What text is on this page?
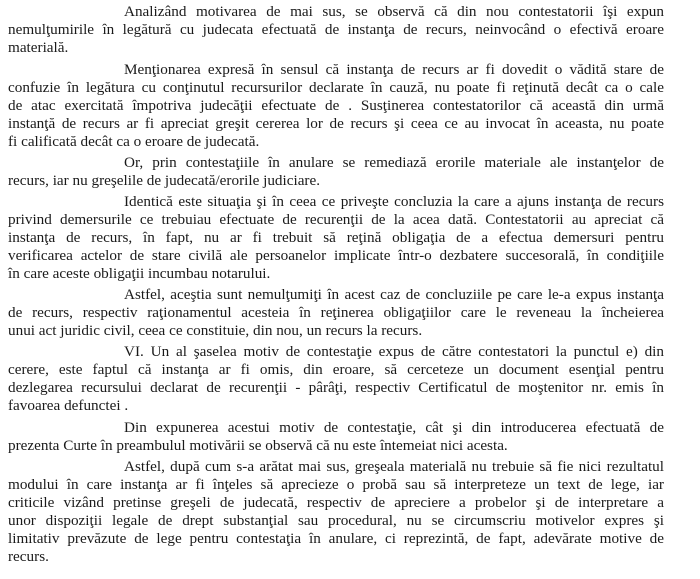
Analizând motivarea de mai sus, se observă că din nou contestatorii îşi expun
nemulţumirile în legătură cu judecata efectuată de instanţa de recurs, neinvocând o efectivă eroare
materială.
Menţionarea expresă în sensul că instanţa de recurs ar fi dovedit o vădită stare de
confuzie în legătura cu conţinutul recursurilor declarate în cauză, nu poate fi reţinută decât ca o cale
de atac exercitată împotriva judecăţii efectuate de . Susţinerea contestatorilor că această din urmă
instanţă de recurs ar fi apreciat greşit cererea lor de recurs şi ceea ce au invocat în aceasta, nu poate
fi calificată decât ca o eroare de judecată.
Or, prin contestaţiile în anulare se remediază erorile materiale ale instanţelor de
recurs, iar nu greşelile de judecată/erorile judiciare.
Identică este situaţia şi în ceea ce priveşte concluzia la care a ajuns instanţa de recurs
privind demersurile ce trebuiau efectuate de recurenţii de la acea dată. Contestatorii au apreciat că
instanţa de recurs, în fapt, nu ar fi trebuit să reţină obligaţia de a efectua demersuri pentru
verificarea actelor de stare civilă ale persoanelor implicate într-o dezbatere succesorală, în condiţiile
în care aceste obligaţii incumbau notarului.
Astfel, aceştia sunt nemulţumiţi în acest caz de concluziile pe care le-a expus instanţa
de recurs, respectiv raţionamentul acesteia în reţinerea obligaţiilor care le reveneau la încheierea
unui act juridic civil, ceea ce constituie, din nou, un recurs la recurs.
VI. Un al şaselea motiv de contestaţie expus de către contestatori la punctul e) din
cerere, este faptul că instanţa ar fi omis, din eroare, să cerceteze un document esenţial pentru
dezlegarea recursului declarat de recurenţii - pârâţi, respectiv Certificatul de moştenitor nr. emis în
favoarea defunctei .
Din expunerea acestui motiv de contestaţie, cât şi din introducerea efectuată de
prezenta Curte în preambulul motivării se observă că nu este întemeiat nici acesta.
Astfel, după cum s-a arătat mai sus, greşeala materială nu trebuie să fie nici rezultatul
modului în care instanţa ar fi înţeles să aprecieze o probă sau să interpreteze un text de lege, iar
criticile vizând pretinse greşeli de judecată, respectiv de apreciere a probelor şi de interpretare a
unor dispoziţii legale de drept substanţial sau procedural, nu se circumscriu motivelor expres şi
limitativ prevăzute de lege pentru contestaţia în anulare, ci reprezintă, de fapt, adevărate motive de
recurs.
